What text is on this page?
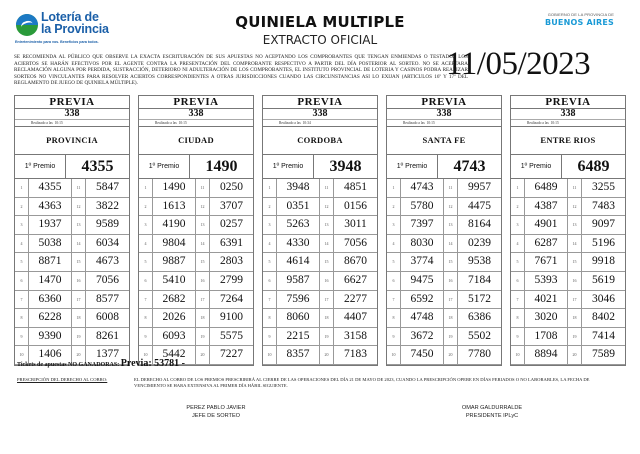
Lotería de
la Provincia
Entretenimiento para vos. Beneficios para todos.
QUINIELA MULTIPLE
EXTRACTO OFICIAL
GOBIERNO DE LA PROVINCIA DE
BUENOS AIRES
SE RECOMIENDA AL PÚBLICO QUE OBSERVE LA EXACTA ESCRITURACIÓN DE SUS APUESTAS NO ACEPTANDO LOS COMPROBANTES QUE TENGAN ENMIENDAS O TESTADOS LOS ACIERTOS SE HARÁN EFECTIVOS POR EL AGENTE CONTRA LA PRESENTACIÓN DEL COMPROBANTE RESPECTIVO A PARTIR DEL DÍA POSTERIOR AL SORTEO. NO SE ACEPTARA RECLAMACIÓN ALGUNA POR PERDIDA, SUSTRACCIÓN, DETERIORO NI ADULTERACIÓN DE LOS COMPROBANTES, EL INSTITUTO PROVINCIAL DE LOTERIA Y CASINOS PODRA REALIZAR SORTEOS NO VINCULANTES PARA RESOLVER ACIERTOS CORRESPONDIENTES A OTRAS JURISDICCIONES CUANDO LAS CIRCUNSTANCIAS ASI LO EXIJAN (ARTICULOS 16º Y 17º DEL REGLAMENTO DE JUEGO DE QUINIELA MÚLTIPLE).
11/05/2023
PREVIA
338
Realizado a las 10:15
PROVINCIA
1º Premio	4355
1	4355	11	5847
2	4363	12	3822
3	1937	13	9589
4	5038	14	6034
5	8871	15	4673
6	1470	16	7056
7	6360	17	8577
8	6228	18	6008
9	9390	19	8261
10	1406	20	1377
PREVIA
338
Realizado a las 10:15
CIUDAD
1º Premio	1490
1	1490	11	0250
2	1613	12	3707
3	4190	13	0257
4	9804	14	6391
5	9887	15	2803
6	5410	16	2799
7	2682	17	7264
8	2026	18	9100
9	6093	19	5575
10	5442	20	7227
PREVIA
338
Realizado a las 10:34
CORDOBA
1º Premio	3948
1	3948	11	4851
2	0351	12	0156
3	5263	13	3011
4	4330	14	7056
5	4614	15	8670
6	9587	16	6627
7	7596	17	2277
8	8060	18	4407
9	2215	19	3158
10	8357	20	7183
PREVIA
338
Realizado a las 10:15
SANTA FE
1º Premio	4743
1	4743	11	9957
2	5780	12	4475
3	7397	13	8164
4	8030	14	0239
5	3774	15	9538
6	9475	16	7184
7	6592	17	5172
8	4748	18	6386
9	3672	19	5502
10	7450	20	7780
PREVIA
338
Realizado a las 10:15
ENTRE RIOS
1º Premio	6489
1	6489	11	3255
2	4387	12	7483
3	4901	13	9097
4	6287	14	5196
5	7671	15	9918
6	5393	16	5619
7	4021	17	3046
8	3020	18	8402
9	1708	19	7414
10	8894	20	7589
Tickets de apuestas NO GANADORAS: Previa: 53781 -
PRESCRIPCIÓN DEL DERECHO AL COBRO:	EL DERECHO AL COBRO DE LOS PREMIOS PRESCRIBIRÁ AL CIERRE DE LAS OPERACIONES DEL DÍA 21 DE MAYO DE 2023, CUANDO LA PRESCRIPCIÓN OPERE EN DÍAS FERIADOS O NO LABORABLES, LA FECHA DE VENCIMIENTO SE HARA EXTENSIVA AL PRIMER DÍA HÁBIL SIGUIENTE.
PEREZ PABLO JAVIER
JEFE DE SORTEO
OMAR GALDURRALDE
PRESIDENTE IPLyC
